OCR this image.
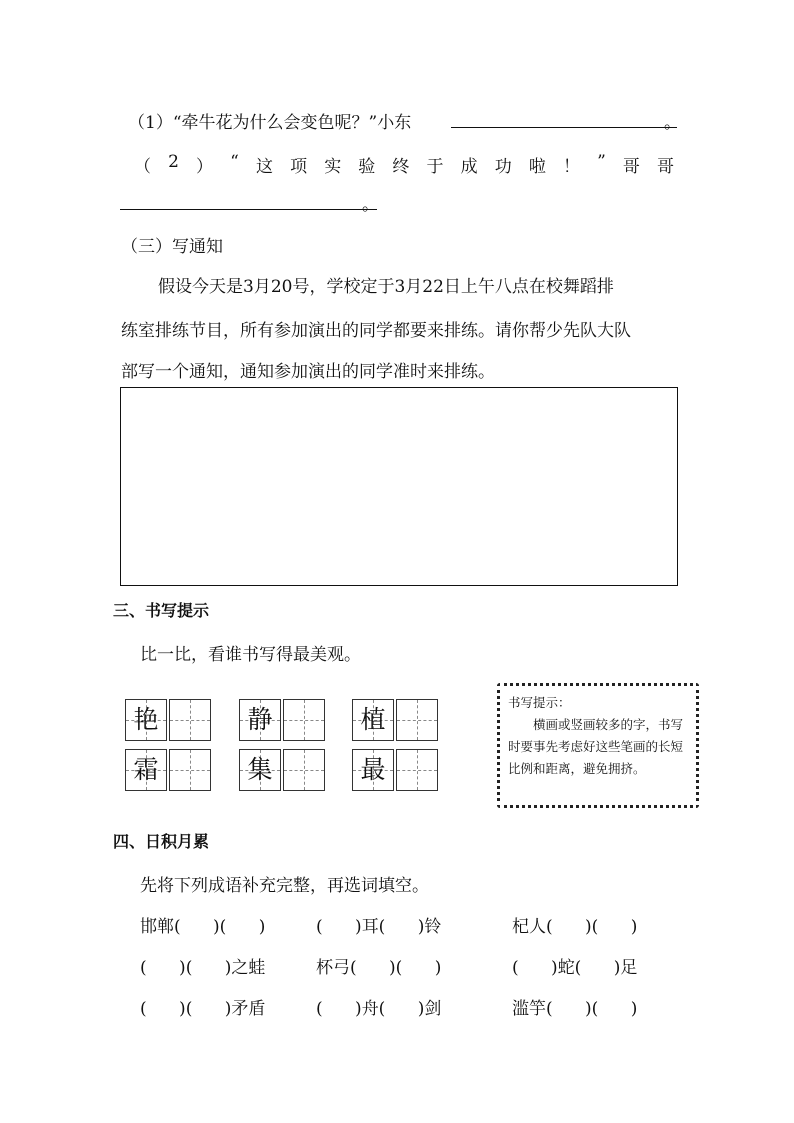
（1）“牵牛花为什么会变色呢？”小东	。
（ 2 ） “ 这 项 实 验 终 于 成 功 啦 ！ ” 哥 哥
。
（三）写通知
假设今天是3月20号，学校定于3月22日上午八点在校舞蹈排
练室排练节目，所有参加演出的同学都要来排练。请你帮少先队大队
部写一个通知，通知参加演出的同学准时来排练。
三、书写提示
比一比，看谁书写得最美观。
艳	静	植
霜	集	最
书写提示：
横画或竖画较多的字，书写时要事先考虑好这些笔画的长短比例和距离，避免拥挤。
四、日积月累
先将下列成语补充完整，再选词填空。
邯郸(      )(      )	(      )耳(      )铃	杞人(      )(      )
(      )(      )之蛙	杯弓(      )(      )	(      )蛇(      )足
(      )(      )矛盾	(      )舟(      )剑	滥竽(      )(      )
